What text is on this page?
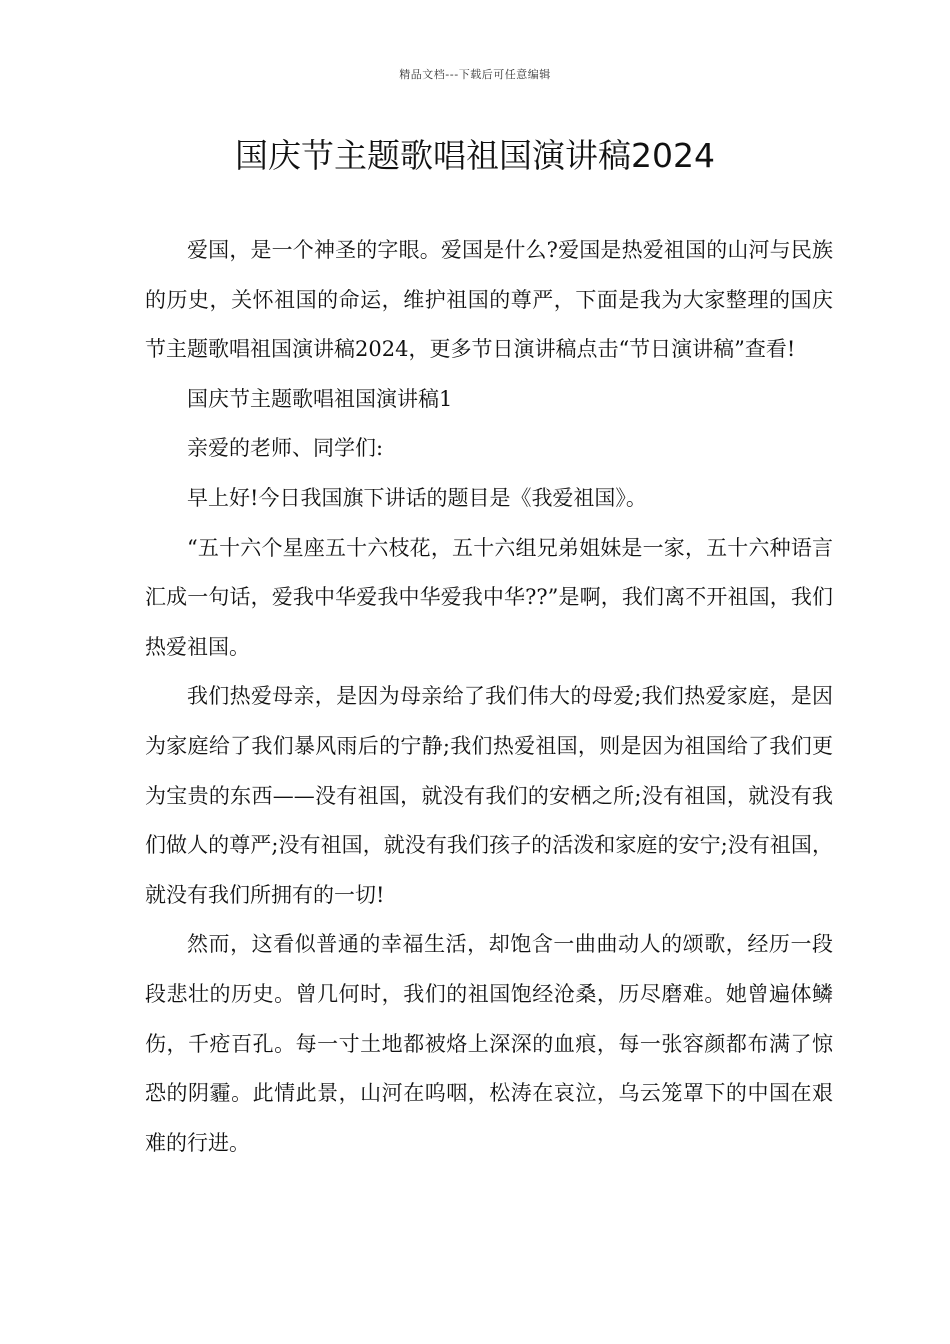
精品文档---下载后可任意编辑
国庆节主题歌唱祖国演讲稿2024

爱国，是一个神圣的字眼。爱国是什么?爱国是热爱祖国的山河与民族的历史，关怀祖国的命运，维护祖国的尊严，下面是我为大家整理的国庆节主题歌唱祖国演讲稿2024，更多节日演讲稿点击“节日演讲稿”查看!

国庆节主题歌唱祖国演讲稿1

亲爱的老师、同学们:

早上好!今日我国旗下讲话的题目是《我爱祖国》。

“五十六个星座五十六枝花，五十六组兄弟姐妹是一家，五十六种语言汇成一句话，爱我中华爱我中华爱我中华??”是啊，我们离不开祖国，我们热爱祖国。

我们热爱母亲，是因为母亲给了我们伟大的母爱;我们热爱家庭，是因为家庭给了我们暴风雨后的宁静;我们热爱祖国，则是因为祖国给了我们更为宝贵的东西——没有祖国，就没有我们的安栖之所;没有祖国，就没有我们做人的尊严;没有祖国，就没有我们孩子的活泼和家庭的安宁;没有祖国，就没有我们所拥有的一切!

然而，这看似普通的幸福生活，却饱含一曲曲动人的颂歌，经历一段段悲壮的历史。曾几何时，我们的祖国饱经沧桑，历尽磨难。她曾遍体鳞伤，千疮百孔。每一寸土地都被烙上深深的血痕，每一张容颜都布满了惊恐的阴霾。此情此景，山河在呜咽，松涛在哀泣，乌云笼罩下的中国在艰难的行进。
